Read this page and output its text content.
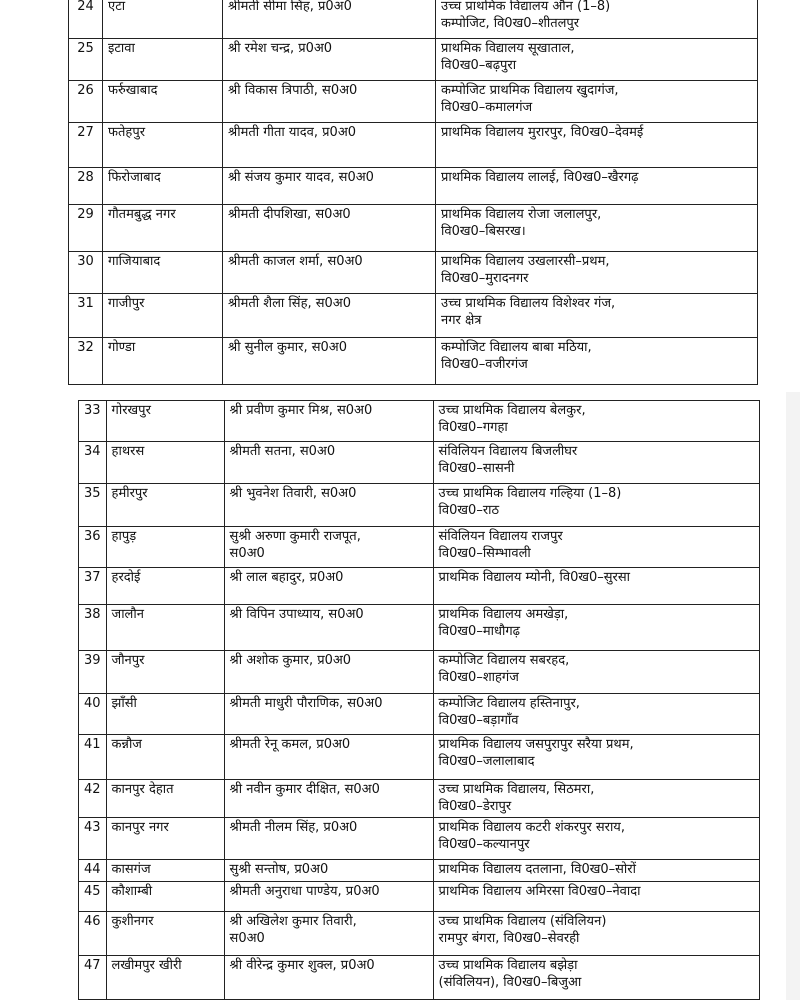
24	एटा	श्रीमती सीमा सिंह, प्र0अ0	उच्च प्राथमिक विद्यालय औंन (1–8)
कम्पोजिट, वि0ख0–शीतलपुर

25	इटावा	श्री रमेश चन्द्र, प्र0अ0	प्राथमिक विद्यालय सूखाताल,
वि0ख0–बढ़पुरा

26	फर्रुखाबाद	श्री विकास त्रिपाठी, स0अ0	कम्पोजिट प्राथमिक विद्यालय खुदागंज,
वि0ख0–कमालगंज

27	फतेहपुर	श्रीमती गीता यादव, प्र0अ0	प्राथमिक विद्यालय मुरारपुर, वि0ख0–देवमई

28	फिरोजाबाद	श्री संजय कुमार यादव, स0अ0	प्राथमिक विद्यालय लालई, वि0ख0–खैरगढ़

29	गौतमबुद्ध नगर	श्रीमती दीपशिखा, स0अ0	प्राथमिक विद्यालय रोजा जलालपुर,
वि0ख0–बिसरख।

30	गाजियाबाद	श्रीमती काजल शर्मा, स0अ0	प्राथमिक विद्यालय उखलारसी–प्रथम,
वि0ख0–मुरादनगर

31	गाजीपुर	श्रीमती शैला सिंह, स0अ0	उच्च प्राथमिक विद्यालय विशेश्वर गंज,
नगर क्षेत्र

32	गोण्डा	श्री सुनील कुमार, स0अ0	कम्पोजिट विद्यालय बाबा मठिया,
वि0ख0–वजीरगंज
33	गोरखपुर	श्री प्रवीण कुमार मिश्र, स0अ0	उच्च प्राथमिक विद्यालय बेलकुर,
वि0ख0–गगहा

34	हाथरस	श्रीमती सतना, स0अ0	संविलियन विद्यालय बिजलीघर
वि0ख0–सासनी

35	हमीरपुर	श्री भुवनेश तिवारी, स0अ0	उच्च प्राथमिक विद्यालय गल्हिया (1–8)
वि0ख0–राठ

36	हापुड़	सुश्री अरुणा कुमारी राजपूत,
स0अ0	संविलियन विद्यालय राजपुर
वि0ख0–सिम्भावली

37	हरदोई	श्री लाल बहादुर, प्र0अ0	प्राथमिक विद्यालय म्योनी, वि0ख0–सुरसा

38	जालौन	श्री विपिन उपाध्याय, स0अ0	प्राथमिक विद्यालय अमखेड़ा,
वि0ख0–माधौगढ़

39	जौनपुर	श्री अशोक कुमार, प्र0अ0	कम्पोजिट विद्यालय सबरहद,
वि0ख0–शाहगंज

40	झाँसी	श्रीमती माधुरी पौराणिक, स0अ0	कम्पोजिट विद्यालय हस्तिनापुर,
वि0ख0–बड़ागाँव

41	कन्नौज	श्रीमती रेनू कमल, प्र0अ0	प्राथमिक विद्यालय जसपुरापुर सरैया प्रथम,
वि0ख0–जलालाबाद

42	कानपुर देहात	श्री नवीन कुमार दीक्षित, स0अ0	उच्च प्राथमिक विद्यालय, सिठमरा,
वि0ख0–डेरापुर

43	कानपुर नगर	श्रीमती नीलम सिंह, प्र0अ0	प्राथमिक विद्यालय कटरी शंकरपुर सराय,
वि0ख0–कल्यानपुर

44	कासगंज	सुश्री सन्तोष, प्र0अ0	प्राथमिक विद्यालय दतलाना, वि0ख0–सोरों

45	कौशाम्बी	श्रीमती अनुराधा पाण्डेय, प्र0अ0	प्राथमिक विद्यालय अमिरसा वि0ख0–नेवादा

46	कुशीनगर	श्री अखिलेश कुमार तिवारी,
स0अ0	उच्च प्राथमिक विद्यालय (संविलियन)
रामपुर बंगरा, वि0ख0–सेवरही

47	लखीमपुर खीरी	श्री वीरेन्द्र कुमार शुक्ल, प्र0अ0	उच्च प्राथमिक विद्यालय बझेड़ा
(संविलियन), वि0ख0–बिजुआ
